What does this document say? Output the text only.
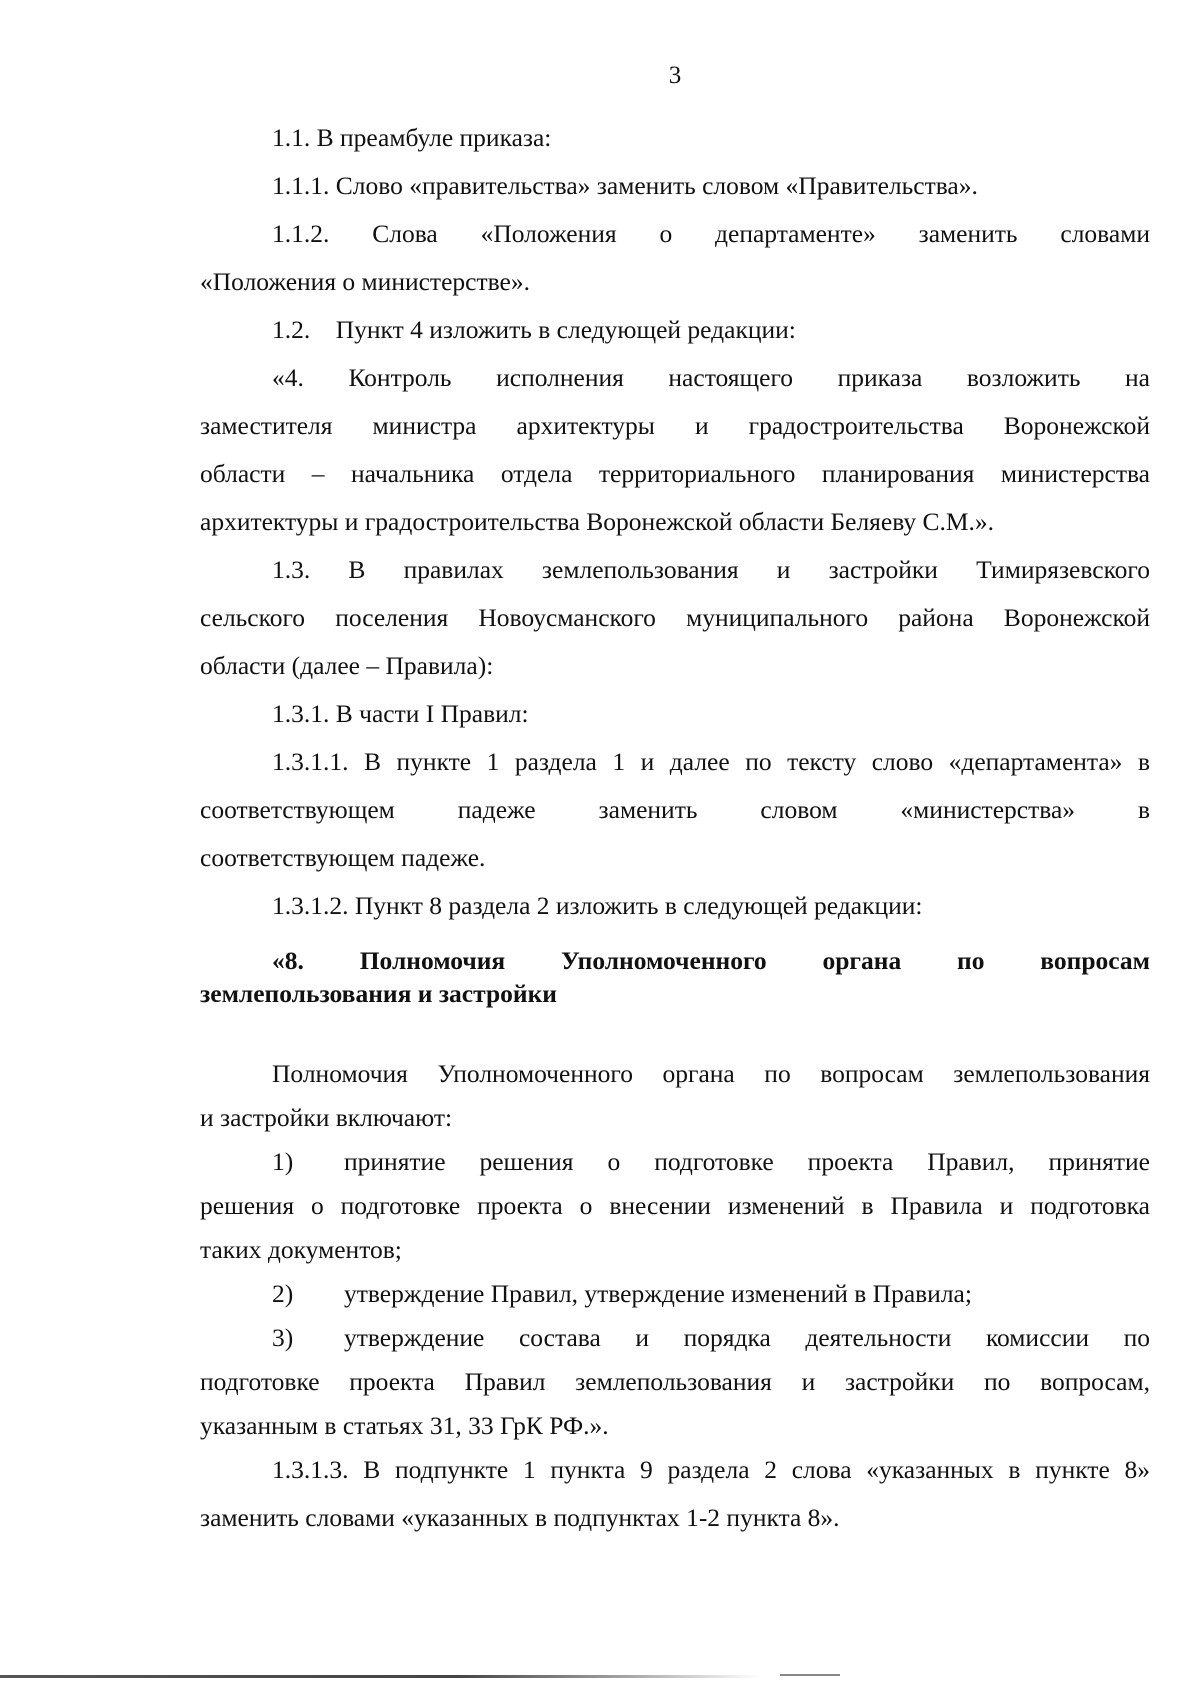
3

1.1. В преамбуле приказа:

1.1.1. Слово «правительства» заменить словом «Правительства».

1.1.2. Слова «Положения о департаменте» заменить словами
«Положения о министерстве».
1.2.    Пункт 4 изложить в следующей редакции:
«4. Контроль исполнения настоящего приказа возложить на
заместителя министра архитектуры и градостроительства Воронежской
области – начальника отдела территориального планирования министерства
архитектуры и градостроительства Воронежской области Беляеву С.М.».
1.3. В правилах землепользования и застройки Тимирязевского
сельского поселения Новоусманского муниципального района Воронежской
области (далее – Правила):
1.3.1. В части I Правил:
1.3.1.1. В пункте 1 раздела 1 и далее по тексту слово «департамента» в
соответствующем падеже заменить словом «министерства» в
соответствующем падеже.
1.3.1.2. Пункт 8 раздела 2 изложить в следующей редакции:
«8. Полномочия Уполномоченного органа по вопросам
землепользования и застройки
Полномочия Уполномоченного органа по вопросам землепользования
и застройки включают:
1)	принятие решения о подготовке проекта Правил, принятие
решения о подготовке проекта о внесении изменений в Правила и подготовка
таких документов;
2)	утверждение Правил, утверждение изменений в Правила;
3)	утверждение состава и порядка деятельности комиссии по
подготовке проекта Правил землепользования и застройки по вопросам,
указанным в статьях 31, 33 ГрК РФ.».
1.3.1.3. В подпункте 1 пункта 9 раздела 2 слова «указанных в пункте 8»
заменить словами «указанных в подпунктах 1-2 пункта 8».
